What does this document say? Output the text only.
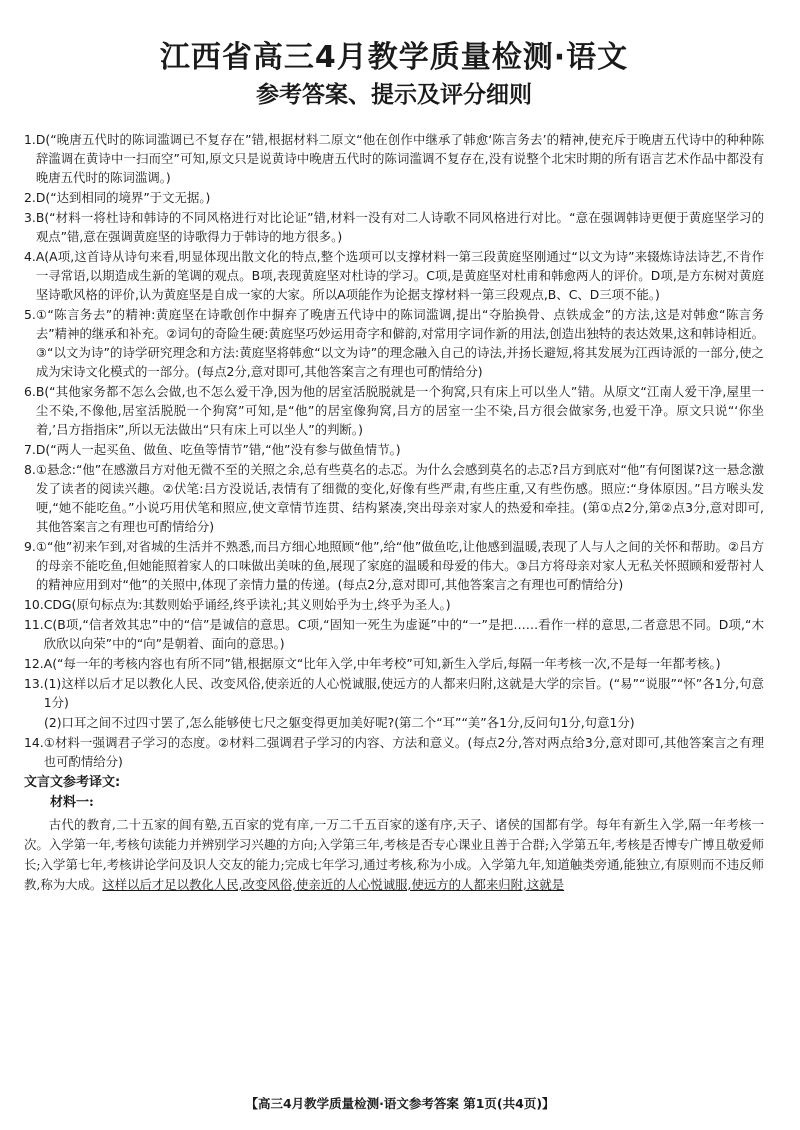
江西省高三4月教学质量检测·语文
参考答案、提示及评分细则
1. D(“晚唐五代时的陈词滥调已不复存在”错,根据材料二原文“他在创作中继承了韩愈‘陈言务去’的精神,使充斥于晚唐五代诗中的种种陈辞滥调在黄诗中一扫而空”可知,原文只是说黄诗中晚唐五代时的陈词滥调不复存在,没有说整个北宋时期的所有语言艺术作品中都没有晚唐五代时的陈词滥调。)
2. D(“达到相同的境界”于文无据。)
3. B(“材料一将杜诗和韩诗的不同风格进行对比论证”错,材料一没有对二人诗歌不同风格进行对比。“意在强调韩诗更便于黄庭坚学习的观点”错,意在强调黄庭坚的诗歌得力于韩诗的地方很多。)
4. A(A项,这首诗从诗句来看,明显体现出散文化的特点,整个选项可以支撑材料一第三段黄庭坚刚通过“以文为诗”来辍炼诗法诗艺,不肯作一寻常语,以期造成生新的笔调的观点。B项,表现黄庭坚对杜诗的学习。C项,是黄庭坚对杜甫和韩愈两人的评价。D项,是方东树对黄庭坚诗歌风格的评价,认为黄庭坚是自成一家的大家。所以A项能作为论据支撑材料一第三段观点,B、C、D三项不能。)
5. ①“陈言务去”的精神:黄庭坚在诗歌创作中摒弃了晚唐五代诗中的陈词滥调,提出“夺胎换骨、点铁成金”的方法,这是对韩愈“陈言务去”精神的继承和补充。②词句的奇险生硬:黄庭坚巧妙运用奇字和僻韵,对常用字词作新的用法,创造出独特的表达效果,这和韩诗相近。③“以文为诗”的诗学研究理念和方法:黄庭坚将韩愈“以文为诗”的理念融入自己的诗法,并扬长避短,将其发展为江西诗派的一部分,使之成为宋诗文化模式的一部分。(每点2分,意对即可,其他答案言之有理也可酌情给分)
6. B(“其他家务都不怎么会做,也不怎么爱干净,因为他的居室活脱脱就是一个狗窝,只有床上可以坐人”错。从原文“江南人爱干净,屋里一尘不染,不像他,居室活脱脱一个狗窝”可知,是“他”的居室像狗窝,吕方的居室一尘不染,吕方很会做家务,也爱干净。原文只说“‘你坐着,’吕方指指床”,所以无法做出“只有床上可以坐人”的判断。)
7. D(“两人一起买鱼、做鱼、吃鱼等情节”错,“他”没有参与做鱼情节。)
8. ①悬念:“他”在感激吕方对他无微不至的关照之余,总有些莫名的忐忑。为什么会感到莫名的忐忑?吕方到底对“他”有何图谋?这一悬念激发了读者的阅读兴趣。②伏笔:吕方没说话,表情有了细微的变化,好像有些严肃,有些庄重,又有些伤感。照应:“身体原因。”吕方喉头发哽,“她不能吃鱼。”小说巧用伏笔和照应,使文章情节连贯、结构紧凑,突出母亲对家人的热爱和牵挂。(第①点2分,第②点3分,意对即可,其他答案言之有理也可酌情给分)
9. ①“他”初来乍到,对省城的生活并不熟悉,而吕方细心地照顾“他”,给“他”做鱼吃,让他感到温暖,表现了人与人之间的关怀和帮助。②吕方的母亲不能吃鱼,但她能照着家人的口味做出美味的鱼,展现了家庭的温暖和母爱的伟大。③吕方将母亲对家人无私关怀照顾和爱帮衬人的精神应用到对“他”的关照中,体现了亲情力量的传递。(每点2分,意对即可,其他答案言之有理也可酌情给分)
10. CDG(原句标点为:其数则始乎诵经,终乎读礼;其义则始乎为士,终乎为圣人。)
11. C(B项,“信者效其忠”中的“信”是诚信的意思。C项,“固知一死生为虚诞”中的“一”是把……看作一样的意思,二者意思不同。D项,“木欣欣以向荣”中的“向”是朝着、面向的意思。)
12. A(“每一年的考核内容也有所不同”错,根据原文“比年入学,中年考校”可知,新生入学后,每隔一年考核一次,不是每一年都考核。)
13. (1)这样以后才足以教化人民、改变风俗,使亲近的人心悦诚服,使远方的人都来归附,这就是大学的宗旨。(“易”“说服”“怀”各1分,句意1分)
(2)口耳之间不过四寸罢了,怎么能够使七尺之躯变得更加美好呢?(第二个“耳”“美”各1分,反问句1分,句意1分)
14. ①材料一强调君子学习的态度。②材料二强调君子学习的内容、方法和意义。(每点2分,答对两点给3分,意对即可,其他答案言之有理也可酌情给分)
文言文参考译文:
材料一:

古代的教育,二十五家的闾有塾,五百家的党有庠,一万二千五百家的遂有序,天子、诸侯的国都有学。每年有新生入学,隔一年考核一次。入学第一年,考核句读能力并辨别学习兴趣的方向;入学第三年,考核是否专心课业且善于合群;入学第五年,考核是否博专广博且敬爱师长;入学第七年,考核讲论学问及识人交友的能力;完成七年学习,通过考核,称为小成。入学第九年,知道触类旁通,能独立,有原则而不违反师教,称为大成。这样以后才足以教化人民,改变风俗,使亲近的人心悦诚服,使远方的人都来归附,这就是

【高三4月教学质量检测·语文参考答案 第1页(共4页)】
